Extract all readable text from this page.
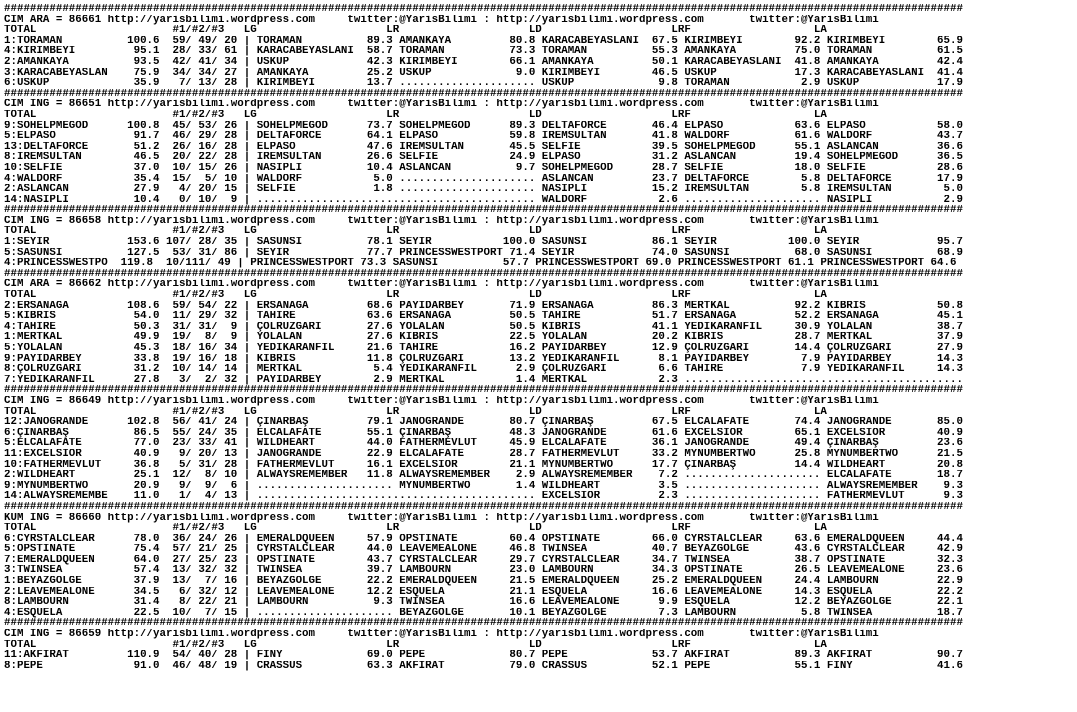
####################################################################################################################################################
CIM ARA = 86661 http://yarisbilimi.wordpress.com     twitter:@YarisBilimi : http://yarisbilimi.wordpress.com       twitter:@YarisBilimi
TOTAL                     #1/#2/#3   LG                    LR                    LD                    LRF                   LA
1:TORAMAN          100.6  59/ 49/ 20 | TORAMAN          89.3 AMANKAYA         80.8 KARACABEYASLANI  67.5 KIRIMBEYİ        92.2 KIRIMBEYİ        65.9
4:KIRIMBEYİ         95.1  28/ 33/ 61 | KARACABEYASLANI  58.7 TORAMAN          73.3 TORAMAN          55.3 AMANKAYA         75.0 TORAMAN          61.5
2:AMANKAYA          93.5  42/ 41/ 34 | ÜSKÜP            42.3 KIRIMBEYİ        66.1 AMANKAYA         50.1 KARACABEYASLANI  41.8 AMANKAYA         42.4
3:KARACABEYASLAN    75.9  34/ 34/ 27 | AMANKAYA         25.2 ÜSKÜP             9.0 KIRIMBEYİ        46.5 ÜSKÜP            17.3 KARACABEYASLANI  41.4
6:ÜSKÜP             35.9   7/ 13/ 28 | KIRIMBEYİ        13.7 ..................... ÜSKÜP             9.8 TORAMAN           2.9 ÜSKÜP            17.9
####################################################################################################################################################
CIM ING = 86651 http://yarisbilimi.wordpress.com     twitter:@YarisBilimi : http://yarisbilimi.wordpress.com       twitter:@YarisBilimi
TOTAL                     #1/#2/#3   LG                    LR                    LD                    LRF                   LA
9:SOHELPMEGOD      100.8  45/ 53/ 26 | SOHELPMEGOD      73.7 SOHELPMEGOD      89.3 DELTAFORCE       46.4 ELPASO           63.6 ELPASO           58.0
5:ELPASO            91.7  46/ 29/ 28 | DELTAFORCE       64.1 ELPASO           59.8 İREMSULTAN       41.8 WALDORF          61.6 WALDORF          43.7
13:DELTAFORCE       51.2  26/ 16/ 28 | ELPASO           47.6 İREMSULTAN       45.5 SELFIE           39.5 SOHELPMEGOD      55.1 ASLANCAN         36.6
8:İREMSULTAN        46.5  20/ 22/ 28 | İREMSULTAN       26.6 SELFIE           24.9 ELPASO           31.2 ASLANCAN         19.4 SOHELPMEGOD      36.5
10:SELFIE           37.0  10/ 15/ 26 | NASIPLİ          10.4 ASLANCAN          9.7 SOHELPMEGOD      28.7 SELFIE           18.0 SELFIE           28.6
4:WALDORF           35.4  15/  5/ 10 | WALDORF           5.0 ..................... ASLANCAN         23.7 DELTAFORCE        5.8 DELTAFORCE       17.9
2:ASLANCAN          27.9   4/ 20/ 15 | SELFIE            1.8 ..................... NASIPLİ          15.2 İREMSULTAN        5.8 İREMSULTAN        5.0
14:NASIPLİ          10.4   0/ 10/  9 | ........................................... WALDORF           2.6 ..................... NASIPLİ           2.9
####################################################################################################################################################
CIM ING = 86658 http://yarisbilimi.wordpress.com     twitter:@YarisBilimi : http://yarisbilimi.wordpress.com       twitter:@YarisBilimi
TOTAL                     #1/#2/#3   LG                    LR                    LD                    LRF                   LA
1:SEYİR            153.6 107/ 28/ 35 | SASUNSI          78.1 SEYİR           100.0 SASUNSI          86.1 SEYİR           100.0 SEYİR            95.7
5:SASUNSI          127.5  53/ 31/ 86 | SEYİR            77.7 PRINCESSWESTPORT 71.4 SEYİR            74.0 SASUNSI          68.0 SASUNSI          68.9
4:PRINCESSWESTPO  119.8  10/111/ 49 | PRINCESSWESTPORT 73.3 SASUNSI          57.7 PRINCESSWESTPORT 69.0 PRINCESSWESTPORT 61.1 PRINCESSWESTPORT 64.6
####################################################################################################################################################
CIM ARA = 86662 http://yarisbilimi.wordpress.com     twitter:@YarisBilimi : http://yarisbilimi.wordpress.com       twitter:@YarisBilimi
TOTAL                     #1/#2/#3   LG                    LR                    LD                    LRF                   LA
2:ERSANAĞA         108.6  59/ 54/ 22 | ERSANAĞA         68.6 PAYİDARBEY       71.9 ERSANAĞA         86.3 MERTKAL          92.2 KIBRIS           50.8
5:KIBRIS            54.0  11/ 29/ 32 | TAHİRE           63.6 ERSANAĞA         50.5 TAHİRE           51.7 ERSANAĞA         52.2 ERSANAĞA         45.1
4:TAHİRE            50.3  31/ 31/  9 | ÇOLRÜZGARI       27.6 YOLALAN          50.5 KIBRIS           41.1 YEDİKARANFİL     30.9 YOLALAN          38.7
1:MERTKAL           49.9  19/  8/  9 | YOLALAN          27.6 KIBRIS           22.5 YOLALAN          20.2 KIBRIS           28.7 MERTKAL          37.9
5:YOLALAN           45.3  18/ 16/ 34 | YEDİKARANFİL     21.6 TAHİRE           16.2 PAYİDARBEY       12.9 ÇOLRÜZGARI       14.4 ÇOLRÜZGARI       27.9
9:PAYİDARBEY        33.8  19/ 16/ 18 | KIBRIS           11.8 ÇOLRÜZGARI       13.2 YEDİKARANFİL      8.1 PAYİDARBEY        7.9 PAYİDARBEY       14.3
8:ÇOLRÜZGARI        31.2  10/ 14/ 14 | MERTKAL           5.4 YEDİKARANFİL      2.9 ÇOLRÜZGARI        6.6 TAHİRE            7.9 YEDİKARANFİL     14.3
7:YEDİKARANFİL      27.8   3/  2/ 32 | PAYİDARBEY        2.9 MERTKAL           1.4 MERTKAL           2.3 ...........................................
####################################################################################################################################################
CIM ING = 86649 http://yarisbilimi.wordpress.com     twitter:@YarisBilimi : http://yarisbilimi.wordpress.com       twitter:@YarisBilimi
TOTAL                     #1/#2/#3   LG                    LR                    LD                    LRF                   LA
12:JANOGRANDE      102.8  56/ 41/ 24 | ÇINARBAŞ         79.1 JANOGRANDE       80.7 ÇINARBAŞ         67.5 ELCALAFATE       74.4 JANOGRANDE       85.0
6:ÇINARBAŞ          86.5  55/ 24/ 35 | ELCALAFATE       55.1 ÇINARBAŞ         48.3 JANOGRANDE       61.6 EXCELSIOR        65.1 EXCELSIOR        40.9
5:ELCALAFATE        77.0  23/ 33/ 41 | WILDHEART        44.0 FATHERMEVLÜT     45.9 ELCALAFATE       36.1 JANOGRANDE       49.4 ÇINARBAŞ         23.6
11:EXCELSIOR        40.9   9/ 20/ 13 | JANOGRANDE       22.9 ELCALAFATE       28.7 FATHERMEVLÜT     33.2 MYNUMBERTWO      25.8 MYNUMBERTWO      21.5
10:FATHERMEVLÜT     36.8   5/ 31/ 28 | FATHERMEVLÜT     16.1 EXCELSIOR        21.1 MYNUMBERTWO      17.7 ÇINARBAŞ         14.4 WILDHEART        20.8
2:WILDHEART         25.1  12/  8/ 10 | ALWAYSREMEMBER   11.8 ALWAYSREMEMBER    2.9 ALWAYSREMEMBER    7.2 ..................... ELCALAFATE       18.7
9:MYNUMBERTWO       20.9   9/  9/  6 | ..................... MYNUMBERTWO       1.4 WILDHEART         3.5 ..................... ALWAYSREMEMBER    9.3
14:ALWAYSREMEMBE    11.0   1/  4/ 13 | ........................................... EXCELSIOR         2.3 ..................... FATHERMEVLÜT      9.3
####################################################################################################################################################
KUM ING = 86660 http://yarisbilimi.wordpress.com     twitter:@YarisBilimi : http://yarisbilimi.wordpress.com       twitter:@YarisBilimi
TOTAL                     #1/#2/#3   LG                    LR                    LD                    LRF                   LA
6:CYRSTALCLEAR      78.0  36/ 24/ 26 | EMERALDQUEEN     57.9 OPSTINATE        60.4 OPSTINATE        66.0 CYRSTALCLEAR     63.6 EMERALDQUEEN     44.4
5:OPSTINATE         75.4  57/ 21/ 25 | CYRSTALCLEAR     44.0 LEAVEMEALONE     46.8 TWINSEA          40.7 BEYAZGÖLGE       43.6 CYRSTALCLEAR     42.9
7:EMERALDQUEEN      64.0  27/ 25/ 23 | OPSTINATE        43.7 CYRSTALCLEAR     29.7 CYRSTALCLEAR     34.7 TWINSEA          38.7 OPSTINATE        32.3
3:TWINSEA           57.4  13/ 32/ 32 | TWINSEA          39.7 LAMBOURN         23.0 LAMBOURN         34.3 OPSTINATE        26.5 LEAVEMEALONE     23.6
1:BEYAZGÖLGE        37.9  13/  7/ 16 | BEYAZGÖLGE       22.2 EMERALDQUEEN     21.5 EMERALDQUEEN     25.2 EMERALDQUEEN     24.4 LAMBOURN         22.9
2:LEAVEMEALONE      34.5   6/ 32/ 12 | LEAVEMEALONE     12.2 ESQUELA          21.1 ESQUELA          16.6 LEAVEMEALONE     14.3 ESQUELA          22.2
8:LAMBOURN          31.4   8/ 22/ 21 | LAMBOURN          9.3 TWINSEA          16.6 LEAVEMEALONE      9.9 ESQUELA          12.2 BEYAZGÖLGE       22.1
4:ESQUELA           22.5  10/  7/ 15 | ..................... BEYAZGÖLGE       10.1 BEYAZGÖLGE        7.3 LAMBOURN          5.8 TWINSEA          18.7
####################################################################################################################################################
CIM ING = 86659 http://yarisbilimi.wordpress.com     twitter:@YarisBilimi : http://yarisbilimi.wordpress.com       twitter:@YarisBilimi
TOTAL                     #1/#2/#3   LG                    LR                    LD                    LRF                   LA
11:AKFIRAT         110.9  54/ 40/ 28 | FINY             69.0 PEPE             80.7 PEPE             53.7 AKFIRAT          89.3 AKFIRAT          90.7
8:PEPE              91.0  46/ 48/ 19 | CRASSUS          63.3 AKFIRAT          79.0 CRASSUS          52.1 PEPE             55.1 FINY             41.6
